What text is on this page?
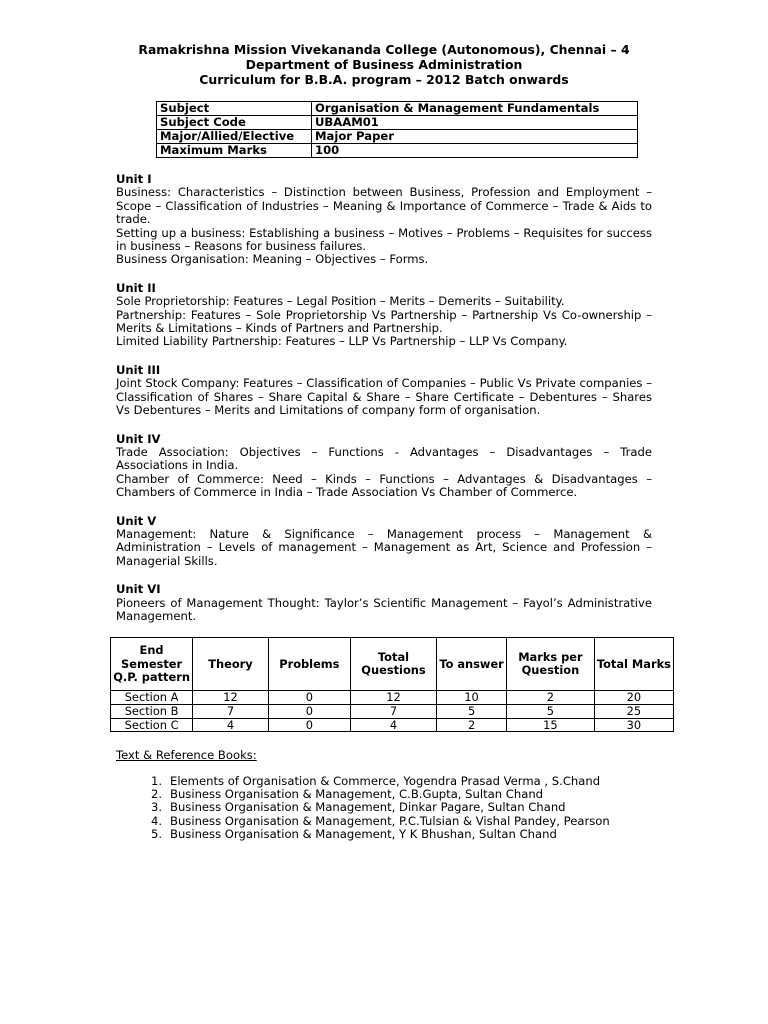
Ramakrishna Mission Vivekananda College (Autonomous), Chennai – 4
Department of Business Administration
Curriculum for B.B.A. program – 2012 Batch onwards
Subject	Organisation & Management Fundamentals
Subject Code	UBAAM01
Major/Allied/Elective	Major Paper
Maximum Marks	100
Unit I

Business: Characteristics – Distinction between Business, Profession and Employment – Scope – Classification of Industries – Meaning & Importance of Commerce – Trade & Aids to trade.

Setting up a business: Establishing a business – Motives – Problems – Requisites for success in business – Reasons for business failures.

Business Organisation: Meaning – Objectives – Forms.

Unit II

Sole Proprietorship: Features – Legal Position – Merits – Demerits – Suitability.

Partnership: Features – Sole Proprietorship Vs Partnership – Partnership Vs Co-ownership – Merits & Limitations – Kinds of Partners and Partnership.

Limited Liability Partnership: Features – LLP Vs Partnership – LLP Vs Company.

Unit III

Joint Stock Company: Features – Classification of Companies – Public Vs Private companies – Classification of Shares – Share Capital & Share – Share Certificate – Debentures – Shares Vs Debentures – Merits and Limitations of company form of organisation.

Unit IV

Trade Association: Objectives – Functions - Advantages – Disadvantages – Trade Associations in India.

Chamber of Commerce: Need – Kinds – Functions – Advantages & Disadvantages – Chambers of Commerce in India – Trade Association Vs Chamber of Commerce.

Unit V

Management: Nature & Significance – Management process – Management & Administration – Levels of management – Management as Art, Science and Profession – Managerial Skills.

Unit VI

Pioneers of Management Thought: Taylor’s Scientific Management – Fayol’s Administrative Management.

End Semester Q.P. pattern	Theory	Problems	Total Questions	To answer	Marks per Question	Total Marks
Section A	12	0	12	10	2	20
Section B	7	0	7	5	5	25
Section C	4	0	4	2	15	30
Text & Reference Books:
1. Elements of Organisation & Commerce, Yogendra Prasad Verma , S.Chand
2. Business Organisation & Management, C.B.Gupta, Sultan Chand
3. Business Organisation & Management, Dinkar Pagare, Sultan Chand
4. Business Organisation & Management, P.C.Tulsian & Vishal Pandey, Pearson
5. Business Organisation & Management, Y K Bhushan, Sultan Chand
